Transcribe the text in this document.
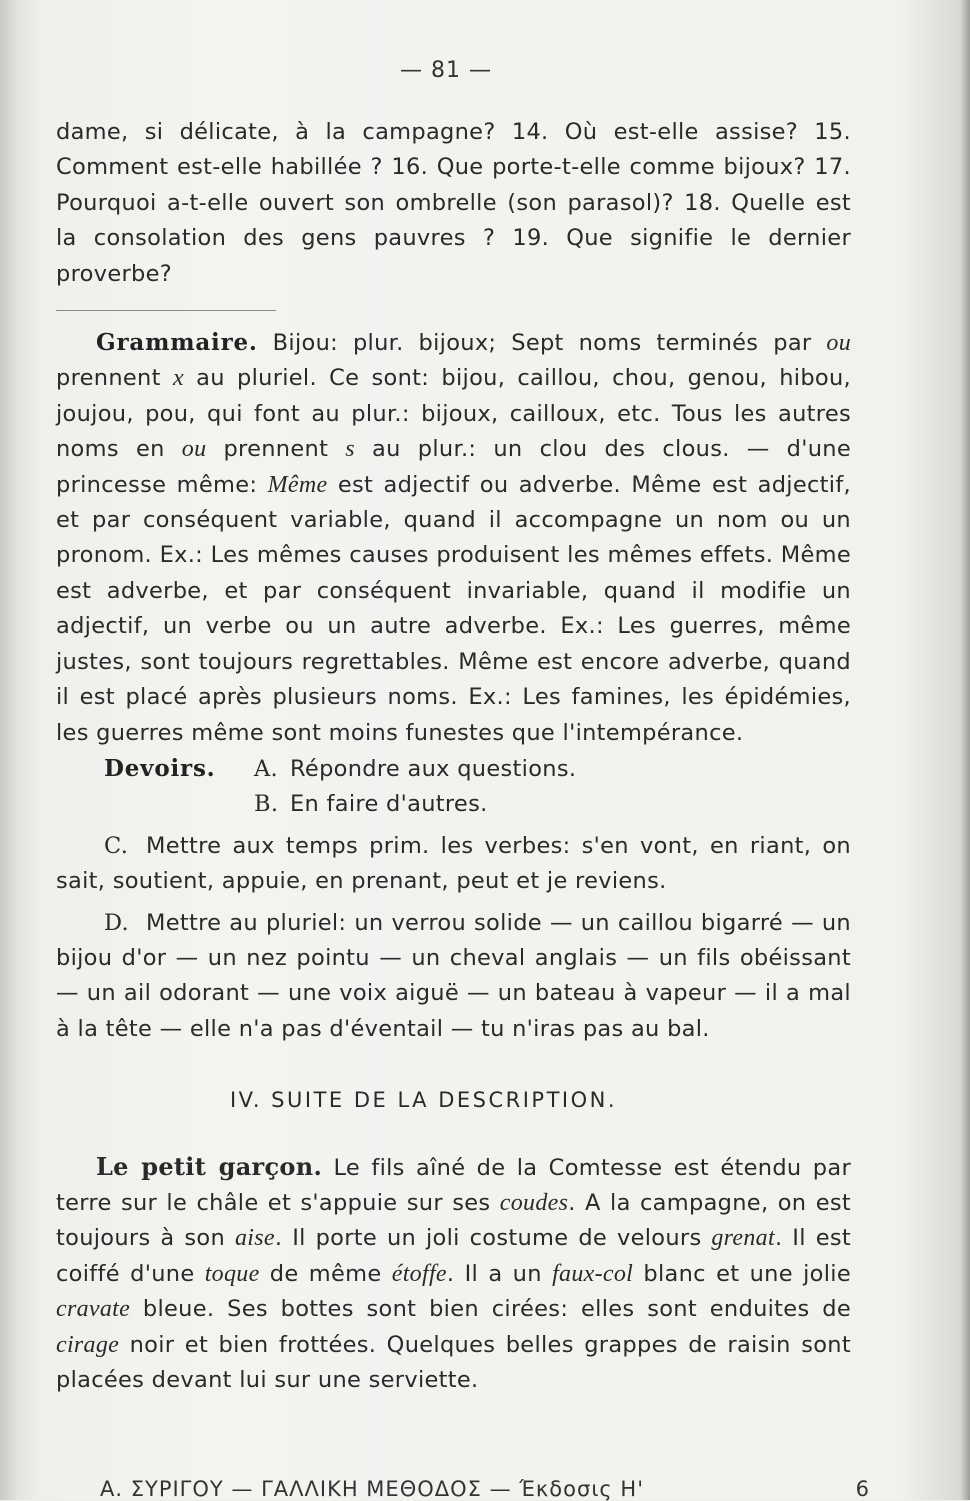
— 81 —

dame, si délicate, à la campagne? 14. Où est-elle assise? 15. Comment est-elle habillée ? 16. Que porte-t-elle comme bijoux? 17. Pourquoi a-t-elle ouvert son ombrelle (son parasol)? 18. Quelle est la consolation des gens pauvres ? 19. Que signifie le dernier proverbe?

Grammaire. Bijou: plur. bijoux; Sept noms terminés par ou prennent x au pluriel. Ce sont: bijou, caillou, chou, genou, hibou, joujou, pou, qui font au plur.: bijoux, cailloux, etc. Tous les autres noms en ou prennent s au plur.: un clou des clous. — d'une princesse même: Même est adjectif ou adverbe. Même est adjectif, et par conséquent variable, quand il accompagne un nom ou un pronom. Ex.: Les mêmes causes produisent les mêmes effets. Même est adverbe, et par conséquent invariable, quand il modifie un adjectif, un verbe ou un autre adverbe. Ex.: Les guerres, même justes, sont toujours regrettables. Même est encore adverbe, quand il est placé après plusieurs noms. Ex.: Les famines, les épidémies, les guerres même sont moins funestes que l'intempérance.

Devoirs.	A. Répondre aux questions.
B. En faire d'autres.

C. Mettre aux temps prim. les verbes: s'en vont, en riant, on sait, soutient, appuie, en prenant, peut et je reviens.

D. Mettre au pluriel: un verrou solide — un caillou bigarré — un bijou d'or — un nez pointu — un cheval anglais — un fils obéissant — un ail odorant — une voix aiguë — un bateau à vapeur — il a mal à la tête — elle n'a pas d'éventail — tu n'iras pas au bal.

IV. SUITE DE LA DESCRIPTION.

Le petit garçon. Le fils aîné de la Comtesse est étendu par terre sur le châle et s'appuie sur ses coudes. A la campagne, on est toujours à son aise. Il porte un joli costume de velours grenat. Il est coiffé d'une toque de même étoffe. Il a un faux-col blanc et une jolie cravate bleue. Ses bottes sont bien cirées: elles sont enduites de cirage noir et bien frottées. Quelques belles grappes de raisin sont placées devant lui sur une serviette.

Α. ΣΥΡΙΓΟΥ — ΓΑΛΛΙΚΗ ΜΕΘΟΔΟΣ — Έκδοσις Η'	6
